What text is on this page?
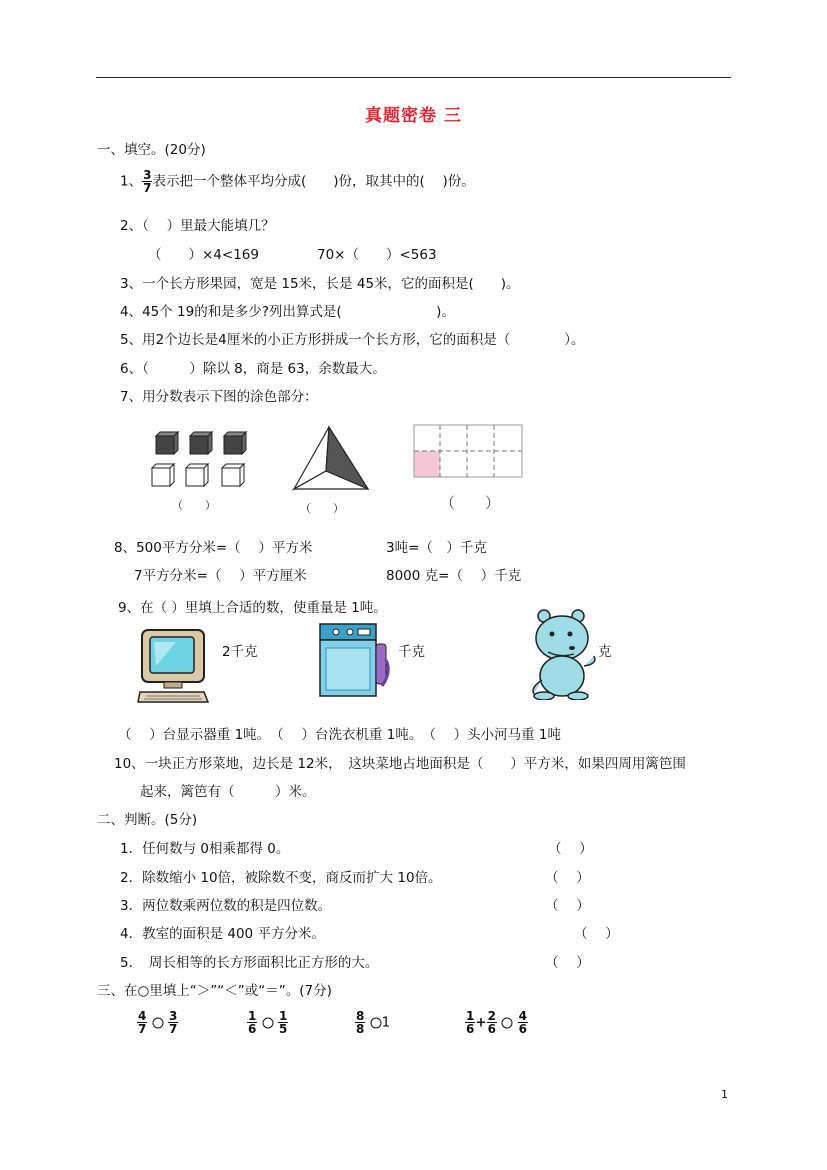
真题密卷 三
一、填空。(20分)
1、 $\frac{3}{7}$ 表示把一个整体平均分成(　　)份，取其中的(　 )份。
2、（　 ）里最大能填几？
（　　）×4<169	70×（　　）<563
3、一个长方形果园，宽是 15米，长是 45米，它的面积是(　　)。
4、45个 19的和是多少?列出算式是(　　　　　　　)。
5、用2个边长是4厘米的小正方形拼成一个长方形，它的面积是（　　　　）。
6、（　　　）除以 8，商是 63，余数最大。
7、用分数表示下图的涂色部分：
（　　）	（　　）	（　　）
8、500平方分米=（　 ）平方米	3吨=（　）千克
7平方分米=（　 ）平方厘米	8000 克=（　 ）千克
9、在（ ）里填上合适的数，使重量是 1吨。
2千克	千克	克
（　 ）台显示器重 1吨。　（　 ）台洗衣机重 1吨。　（　 ）头小河马重 1吨
10、一块正方形菜地，边长是 12米，　这块菜地占地面积是（　　）平方米，如果四周用篱笆围
起来，篱笆有（　　　）米。
二、判断。(5分)
1．任何数与 0相乘都得 0。	（　 ）
2．除数缩小 10倍，被除数不变，商反而扩大 10倍。	（　 ）
3．两位数乘两位数的积是四位数。	（　 ）
4．教室的面积是 400 平方分米。	（　 ）
5．　周长相等的长方形面积比正方形的大。	（　 ）
三、在○里填上“＞”“＜”或“＝”。(7分)
$\frac{4}{7}$
$\frac{3}{7}$	$\frac{1}{6}$
$\frac{1}{5}$	$\frac{8}{8} 1$	$\frac{1}{6} + \frac{2}{6}$
$\frac{4}{6}$
1
